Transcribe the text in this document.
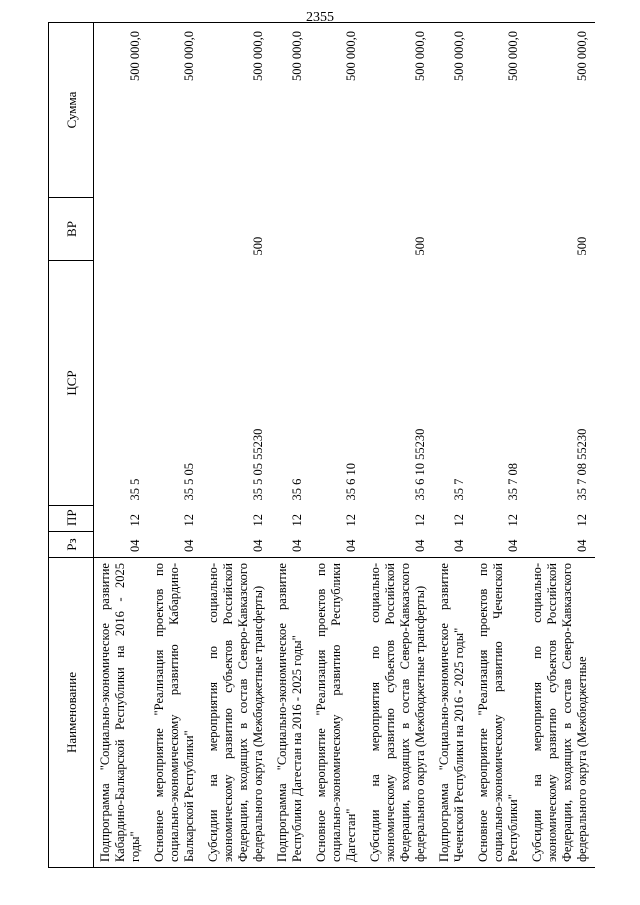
2355
Наименование	Рз	ПР	ЦСР	ВР	Сумма
Подпрограмма "Социально-экономическое развитие Кабардино-Балкарской Республики на 2016 - 2025 годы"	04	12	35 5		500 000,0
Основное мероприятие "Реализация проектов по социально-экономическому развитию Кабардино-Балкарской Республики"	04	12	35 5 05		500 000,0
Субсидии на мероприятия по социально-экономическому развитию субъектов Российской Федерации, входящих в состав Северо-Кавказского федерального округа (Межбюджетные трансферты)	04	12	35 5 05 55230	500	500 000,0
Подпрограмма "Социально-экономическое развитие Республики Дагестан на 2016 - 2025 годы"	04	12	35 6		500 000,0
Основное мероприятие "Реализация проектов по социально-экономическому развитию Республики Дагестан"	04	12	35 6 10		500 000,0
Субсидии на мероприятия по социально-экономическому развитию субъектов Российской Федерации, входящих в состав Северо-Кавказского федерального округа (Межбюджетные трансферты)	04	12	35 6 10 55230	500	500 000,0
Подпрограмма "Социально-экономическое развитие Чеченской Республики на 2016 - 2025 годы"	04	12	35 7		500 000,0
Основное мероприятие "Реализация проектов по социально-экономическому развитию Чеченской Республики"	04	12	35 7 08		500 000,0
Субсидии на мероприятия по социально-экономическому развитию субъектов Российской Федерации, входящих в состав Северо-Кавказского федерального округа (Межбюджетные	04	12	35 7 08 55230	500	500 000,0
